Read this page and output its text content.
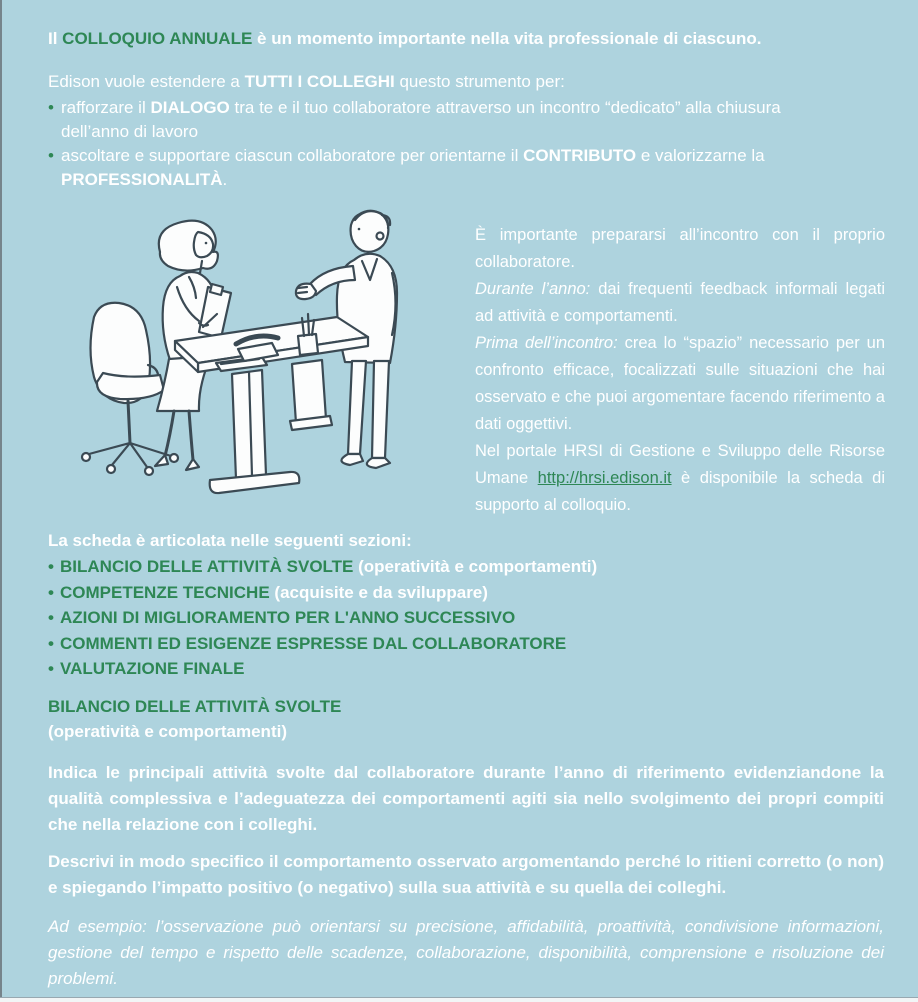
Il COLLOQUIO ANNUALE è un momento importante nella vita professionale di ciascuno.

Edison vuole estendere a TUTTI I COLLEGHI questo strumento per:

• rafforzare il DIALOGO tra te e il tuo collaboratore attraverso un incontro “dedicato” alla chiusura dell’anno di lavoro
• ascoltare e supportare ciascun collaboratore per orientarne il CONTRIBUTO e valorizzarne la PROFESSIONALITÀ.

È importante prepararsi all’incontro con il proprio collaboratore.

Durante l’anno: dai frequenti feedback informali legati ad attività e comportamenti.

Prima dell’incontro: crea lo “spazio” necessario per un confronto efficace, focalizzati sulle situazioni che hai osservato e che puoi argomentare facendo riferimento a dati oggettivi.

Nel portale HRSI di Gestione e Sviluppo delle Risorse Umane http://hrsi.edison.it è disponibile la scheda di supporto al colloquio.

La scheda è articolata nelle seguenti sezioni:

• BILANCIO DELLE ATTIVITÀ SVOLTE (operatività e comportamenti)
• COMPETENZE TECNICHE (acquisite e da sviluppare)
• AZIONI DI MIGLIORAMENTO PER L'ANNO SUCCESSIVO
• COMMENTI ED ESIGENZE ESPRESSE DAL COLLABORATORE
• VALUTAZIONE FINALE

BILANCIO DELLE ATTIVITÀ SVOLTE

(operatività e comportamenti)

Indica le principali attività svolte dal collaboratore durante l’anno di riferimento evidenziandone la qualità complessiva e l’adeguatezza dei comportamenti agiti sia nello svolgimento dei propri compiti che nella relazione con i colleghi.

Descrivi in modo specifico il comportamento osservato argomentando perché lo ritieni corretto (o non) e spiegando l’impatto positivo (o negativo) sulla sua attività e su quella dei colleghi.

Ad esempio: l’osservazione può orientarsi su precisione, affidabilità, proattività, condivisione informazioni, gestione del tempo e rispetto delle scadenze, collaborazione, disponibilità, comprensione e risoluzione dei problemi.
